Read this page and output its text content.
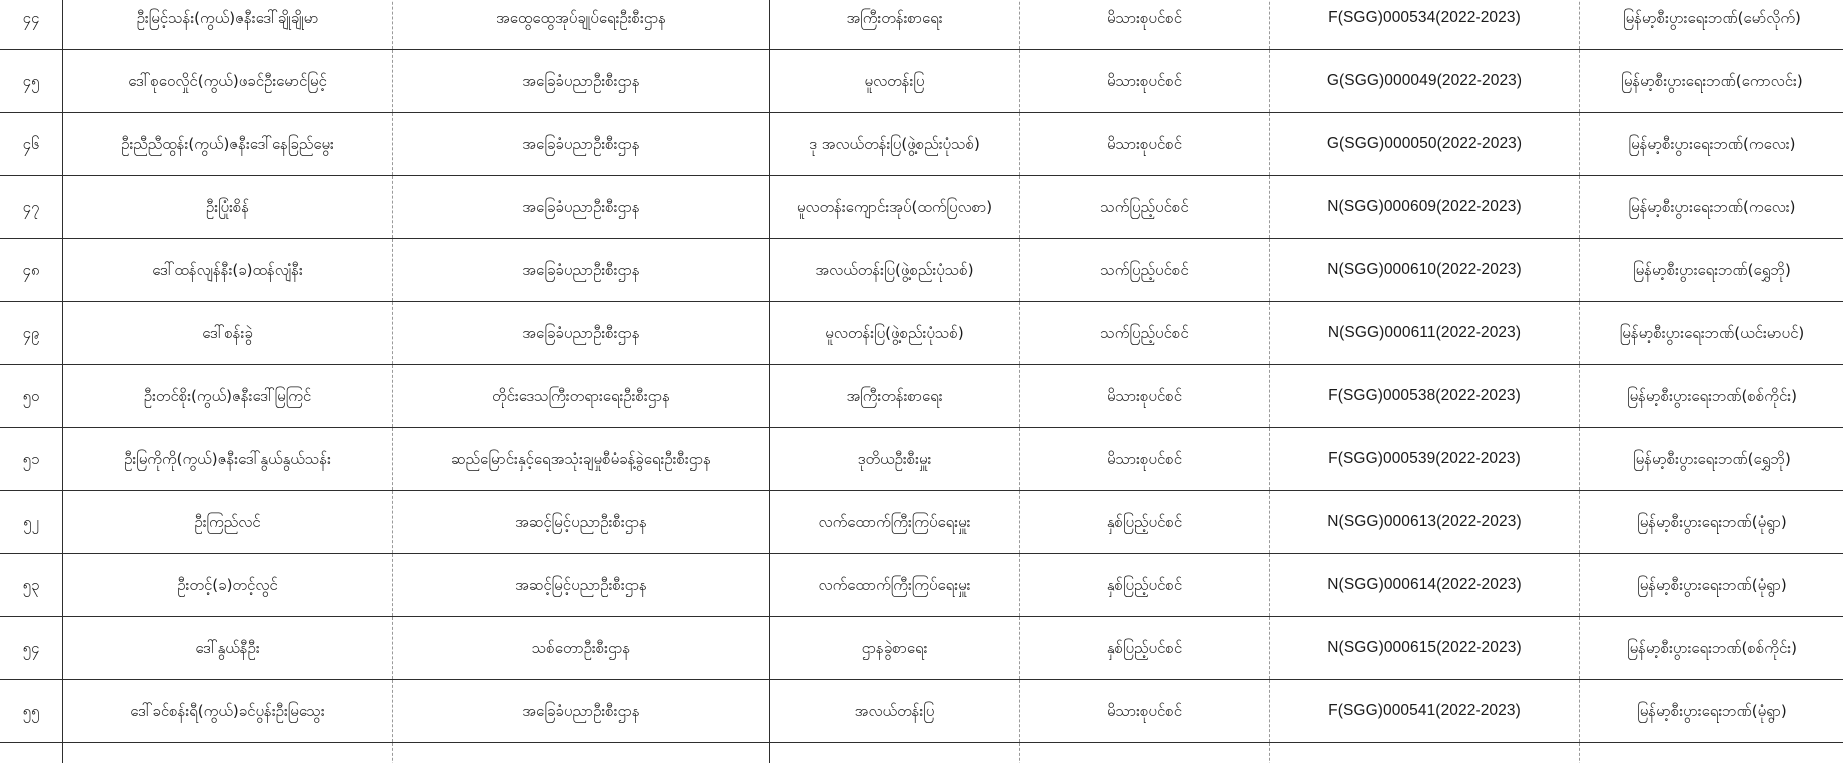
၄၄	ဦးမြင့်သန်း(ကွယ်)ဇနီးဒေါ်ချိုချိုမာ	အထွေထွေအုပ်ချုပ်ရေးဦးစီးဌာန	အကြီးတန်းစာရေး	မိသားစုပင်စင်	F(SGG)000534(2022-2023)	မြန်မာ့စီးပွားရေးဘဏ်(မော်လိုက်)
၄၅	ဒေါ်စုဝေလှိုင်(ကွယ်)ဖခင်ဦးမောင်မြင့်	အခြေခံပညာဦးစီးဌာန	မူလတန်းပြ	မိသားစုပင်စင်	G(SGG)000049(2022-2023)	မြန်မာ့စီးပွားရေးဘဏ်(ကောလင်း)
၄၆	ဦးညီညီထွန်း(ကွယ်)ဇနီးဒေါ်နေခြည်မွေး	အခြေခံပညာဦးစီးဌာန	ဒု အလယ်တန်းပြ(ဖွဲ့စည်းပုံသစ်)	မိသားစုပင်စင်	G(SGG)000050(2022-2023)	မြန်မာ့စီးပွားရေးဘဏ်(ကလေး)
၄၇	ဦးပြုံးစိန်	အခြေခံပညာဦးစီးဌာန	မူလတန်းကျောင်းအုပ်(ထက်ပြလစာ)	သက်ပြည့်ပင်စင်	N(SGG)000609(2022-2023)	မြန်မာ့စီးပွားရေးဘဏ်(ကလေး)
၄၈	ဒေါ်ထန်လျန်နီး(ခ)ထန်လျံနီး	အခြေခံပညာဦးစီးဌာန	အလယ်တန်းပြ(ဖွဲ့စည်းပုံသစ်)	သက်ပြည့်ပင်စင်	N(SGG)000610(2022-2023)	မြန်မာ့စီးပွားရေးဘဏ်(ရွှေဘို)
၄၉	ဒေါ်စန်းခွဲ	အခြေခံပညာဦးစီးဌာန	မူလတန်းပြ(ဖွဲ့စည်းပုံသစ်)	သက်ပြည့်ပင်စင်	N(SGG)000611(2022-2023)	မြန်မာ့စီးပွားရေးဘဏ်(ယင်းမာပင်)
၅၀	ဦးတင်စိုး(ကွယ်)ဇနီးဒေါ်မြကြင်	တိုင်းဒေသကြီးတရားရေးဦးစီးဌာန	အကြီးတန်းစာရေး	မိသားစုပင်စင်	F(SGG)000538(2022-2023)	မြန်မာ့စီးပွားရေးဘဏ်(စစ်ကိုင်း)
၅၁	ဦးမြကိုကို(ကွယ်)ဇနီးဒေါ်နွယ်နွယ်သန်း	ဆည်မြောင်းနှင့်ရေအသုံးချမှုစီမံခန့်ခွဲရေးဦးစီးဌာန	ဒုတိယဦးစီးမှူး	မိသားစုပင်စင်	F(SGG)000539(2022-2023)	မြန်မာ့စီးပွားရေးဘဏ်(ရွှေဘို)
၅၂	ဦးကြည်လင်	အဆင့်မြင့်ပညာဦးစီးဌာန	လက်ထောက်ကြီးကြပ်ရေးမှူး	နှစ်ပြည့်ပင်စင်	N(SGG)000613(2022-2023)	မြန်မာ့စီးပွားရေးဘဏ်(မုံရွာ)
၅၃	ဦးတင့်(ခ)တင့်လွင်	အဆင့်မြင့်ပညာဦးစီးဌာန	လက်ထောက်ကြီးကြပ်ရေးမှူး	နှစ်ပြည့်ပင်စင်	N(SGG)000614(2022-2023)	မြန်မာ့စီးပွားရေးဘဏ်(မုံရွာ)
၅၄	ဒေါ်နွယ်နီဦး	သစ်တောဦးစီးဌာန	ဌာနခွဲစာရေး	နှစ်ပြည့်ပင်စင်	N(SGG)000615(2022-2023)	မြန်မာ့စီးပွားရေးဘဏ်(စစ်ကိုင်း)
၅၅	ဒေါ်ခင်စန်းရီ(ကွယ်)ခင်ပွန်းဦးမြသွေး	အခြေခံပညာဦးစီးဌာန	အလယ်တန်းပြ	မိသားစုပင်စင်	F(SGG)000541(2022-2023)	မြန်မာ့စီးပွားရေးဘဏ်(မုံရွာ)
